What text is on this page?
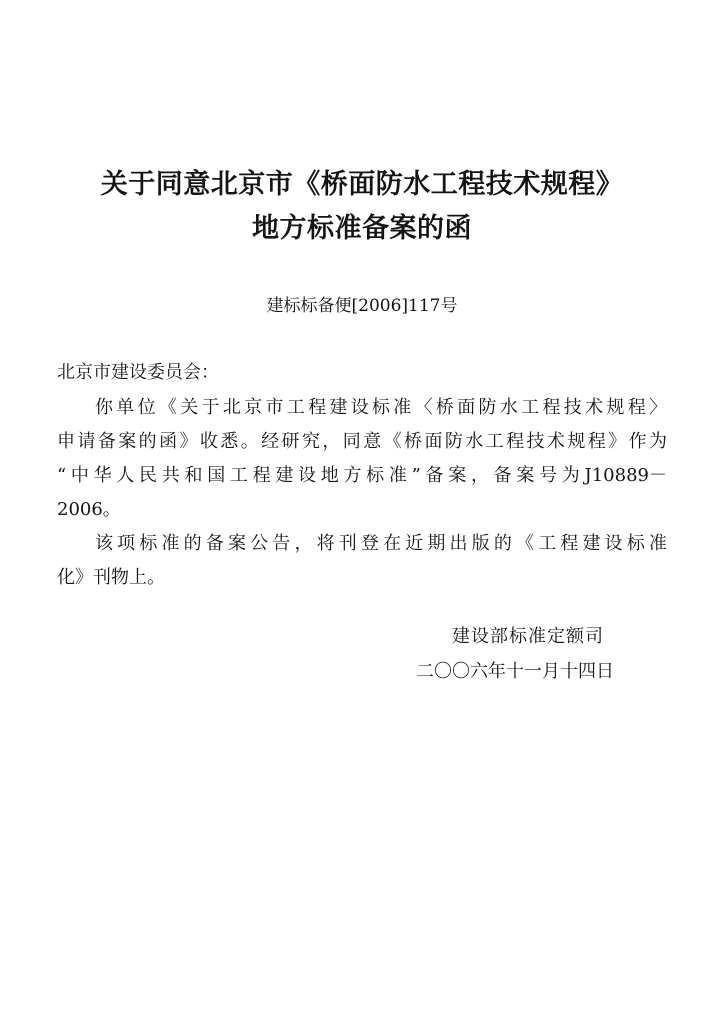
关于同意北京市《桥面防水工程技术规程》
地方标准备案的函
建标标备便[2006]117号
北京市建设委员会：
你单位《关于北京市工程建设标准〈桥面防水工程技术规程〉
申请备案的函》收悉。经研究，同意《桥面防水工程技术规程》作为
“中华人民共和国工程建设地方标准”备案，备案号为J10889－
2006。
该项标准的备案公告，将刊登在近期出版的《工程建设标准
化》刊物上。
建设部标准定额司
二〇〇六年十一月十四日
